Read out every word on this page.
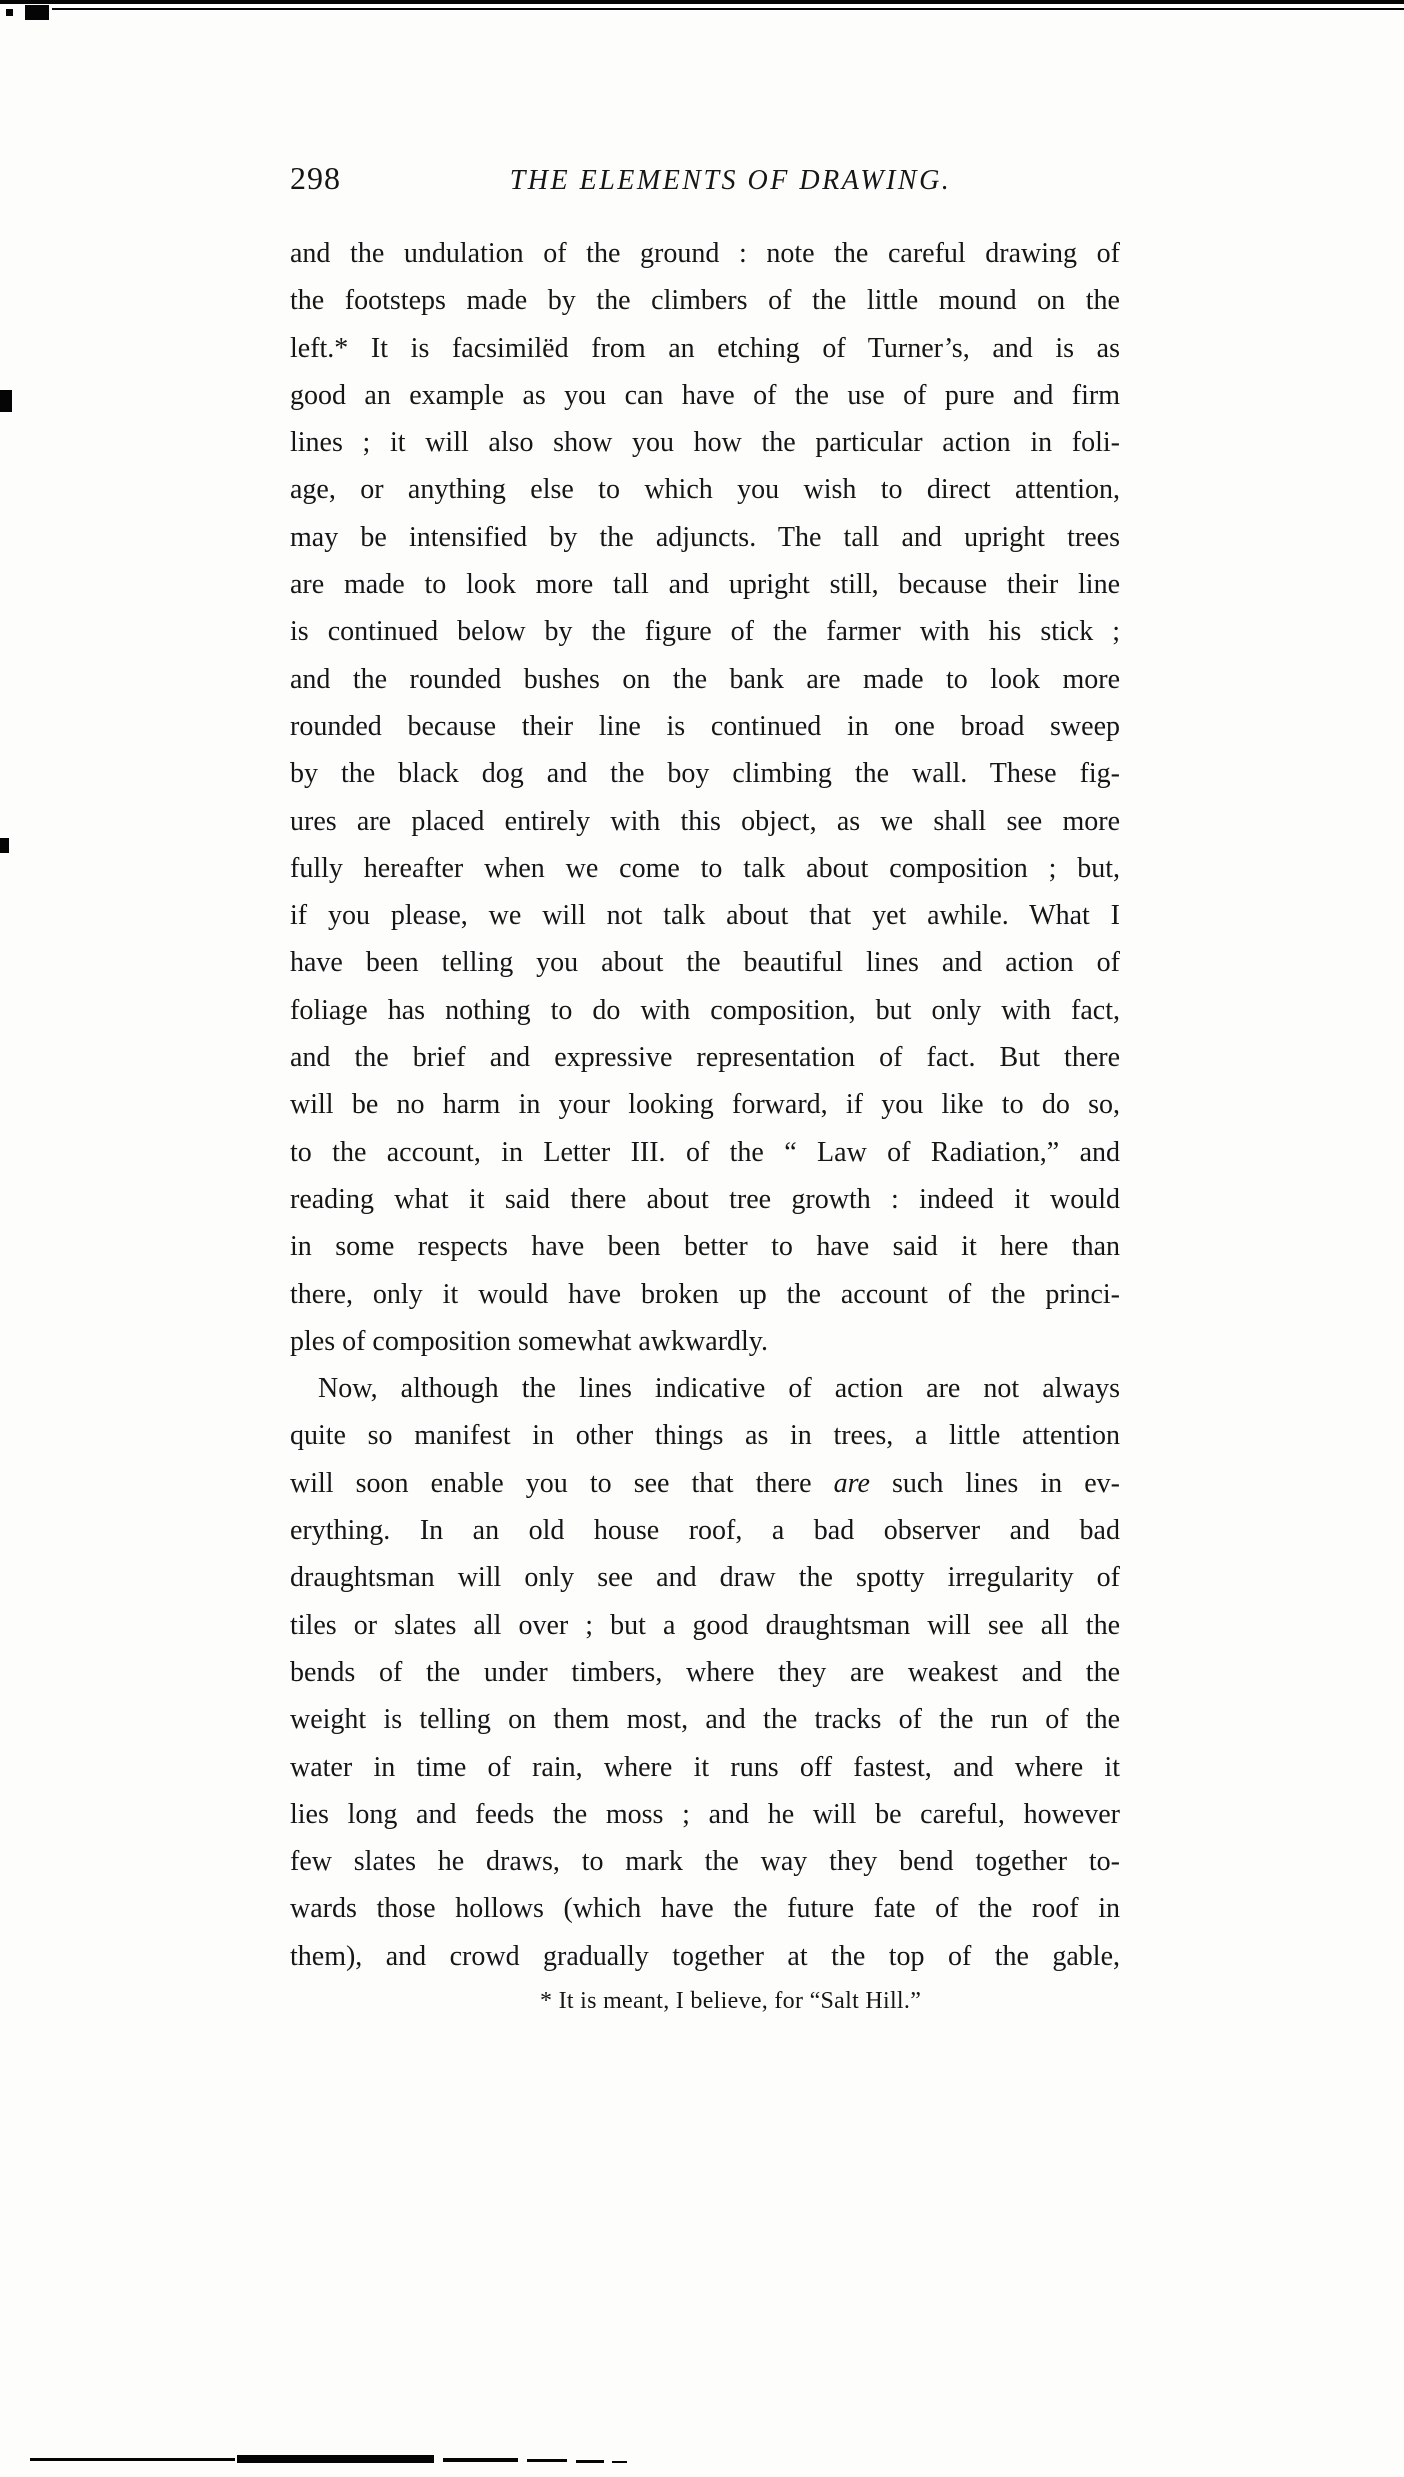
298	THE ELEMENTS OF DRAWING.
and the undulation of the ground : note the careful drawing of
the footsteps made by the climbers of the little mound on the
left.* It is facsimilëd from an etching of Turner’s, and is as
good an example as you can have of the use of pure and firm
lines ; it will also show you how the particular action in foli-
age, or anything else to which you wish to direct attention,
may be intensified by the adjuncts. The tall and upright trees
are made to look more tall and upright still, because their line
is continued below by the figure of the farmer with his stick ;
and the rounded bushes on the bank are made to look more
rounded because their line is continued in one broad sweep
by the black dog and the boy climbing the wall. These fig-
ures are placed entirely with this object, as we shall see more
fully hereafter when we come to talk about composition ; but,
if you please, we will not talk about that yet awhile. What I
have been telling you about the beautiful lines and action of
foliage has nothing to do with composition, but only with fact,
and the brief and expressive representation of fact. But there
will be no harm in your looking forward, if you like to do so,
to the account, in Letter III. of the “ Law of Radiation,” and
reading what it said there about tree growth : indeed it would
in some respects have been better to have said it here than
there, only it would have broken up the account of the princi-
ples of composition somewhat awkwardly.
Now, although the lines indicative of action are not always
quite so manifest in other things as in trees, a little attention
will soon enable you to see that there are such lines in ev-
erything. In an old house roof, a bad observer and bad
draughtsman will only see and draw the spotty irregularity of
tiles or slates all over ; but a good draughtsman will see all the
bends of the under timbers, where they are weakest and the
weight is telling on them most, and the tracks of the run of the
water in time of rain, where it runs off fastest, and where it
lies long and feeds the moss ; and he will be careful, however
few slates he draws, to mark the way they bend together to-
wards those hollows (which have the future fate of the roof in
them), and crowd gradually together at the top of the gable,
* It is meant, I believe, for “Salt Hill.”
